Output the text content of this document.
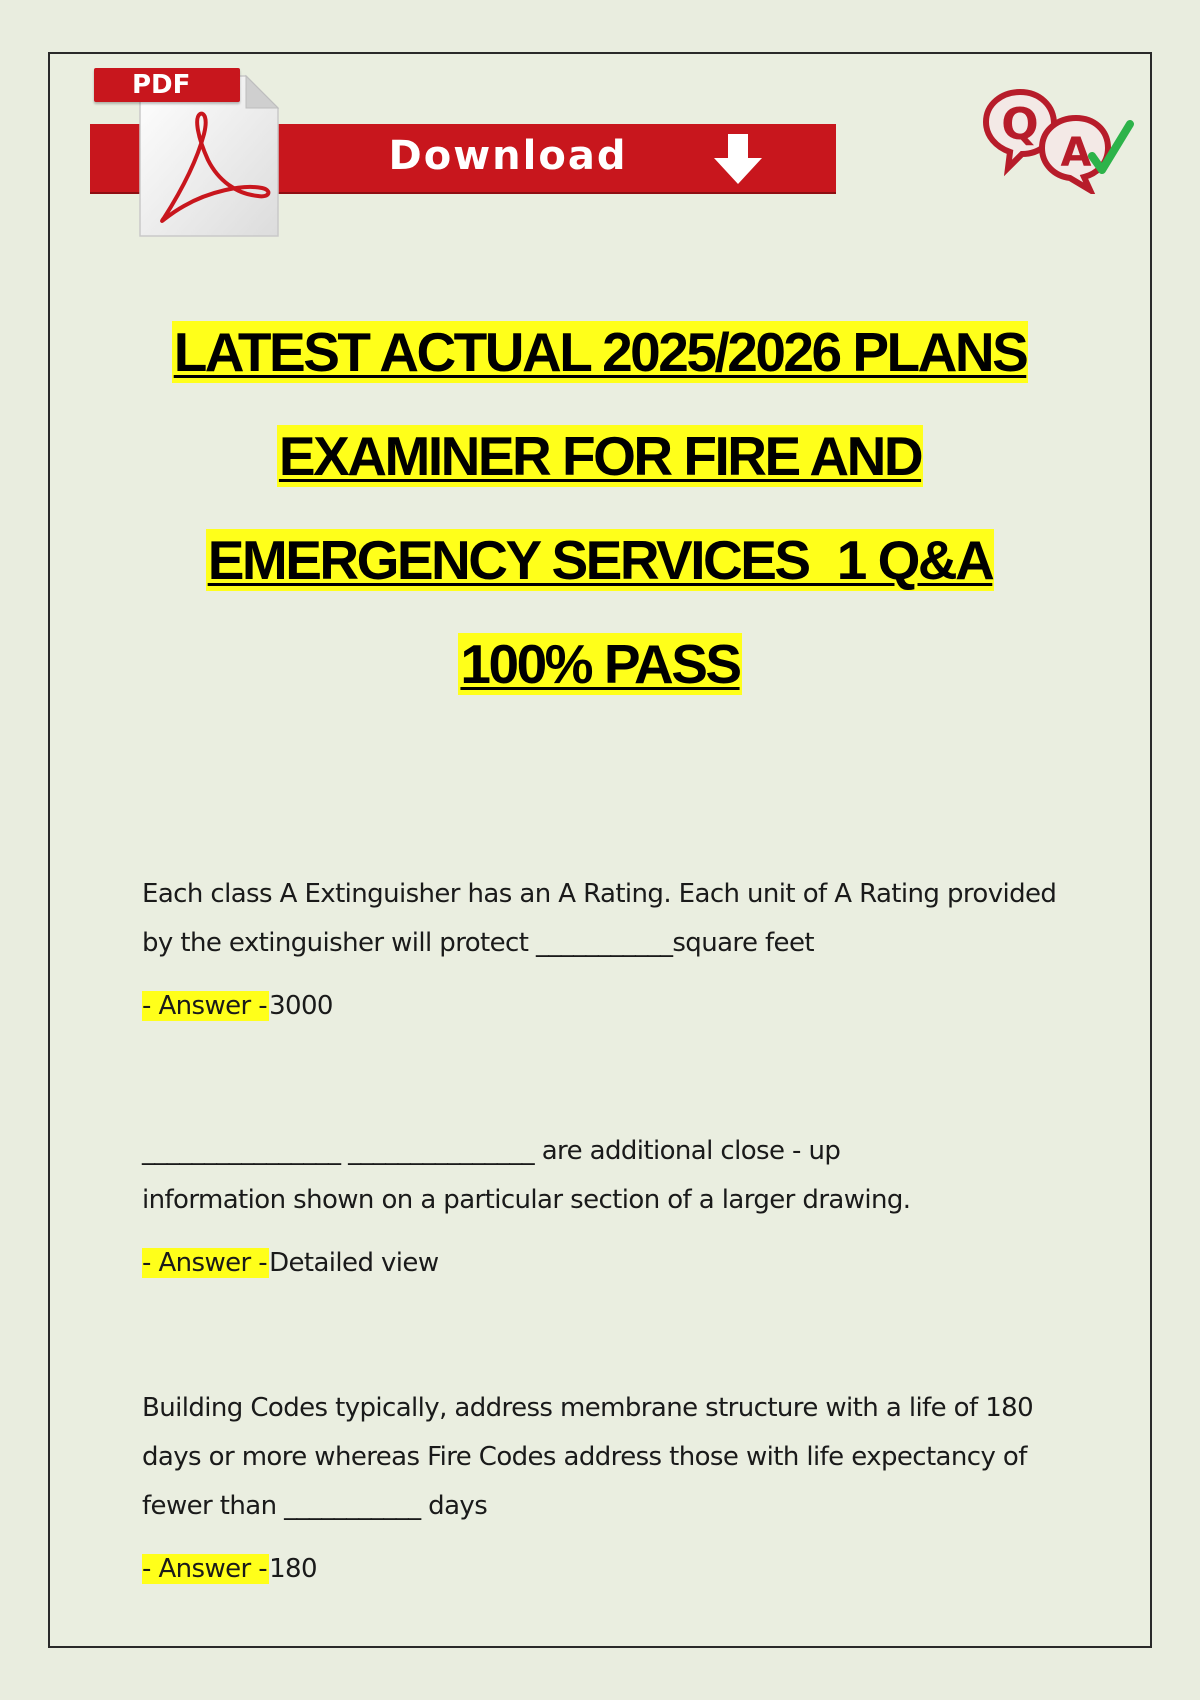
Download
PDF
Q
A
LATEST ACTUAL 2025/2026 PLANS
EXAMINER FOR FIRE AND
EMERGENCY SERVICES_1 Q&A
100% PASS
Each class A Extinguisher has an A Rating. Each unit of A Rating provided
by the extinguisher will protect ___________square feet
- Answer -3000
________________ _______________ are additional close - up
information shown on a particular section of a larger drawing.
- Answer -Detailed view
Building Codes typically, address membrane structure with a life of 180
days or more whereas Fire Codes address those with life expectancy of
fewer than ___________ days
- Answer -180
